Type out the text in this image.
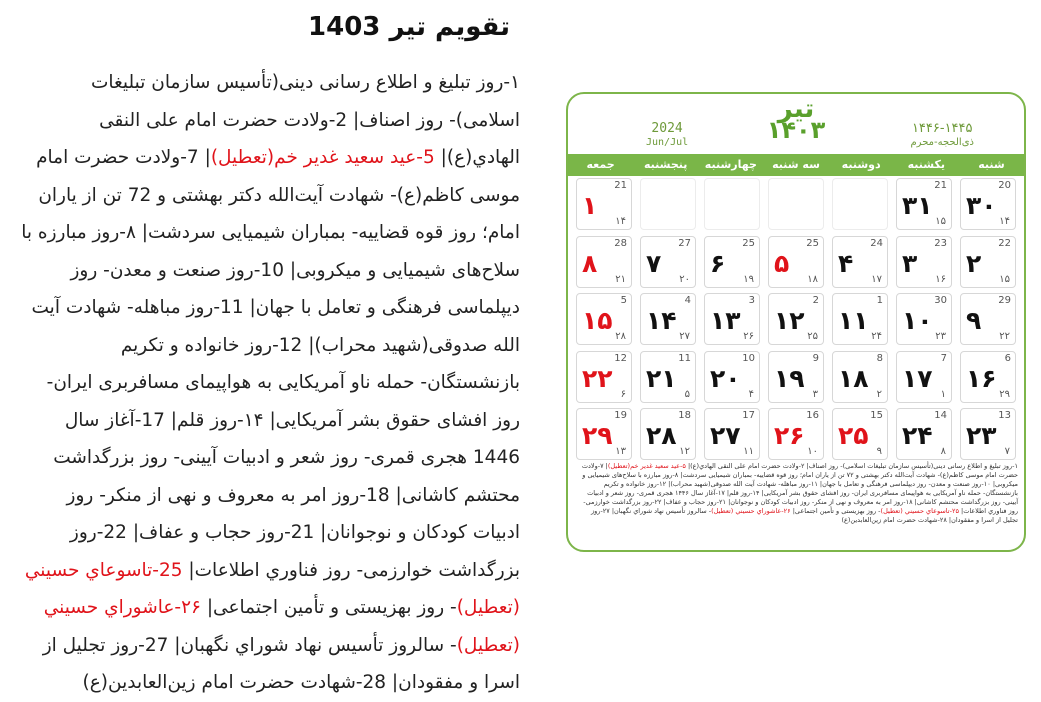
تقویم تیر 1403
۱-روز تبليغ و اطلاع رسانی دينی(تأسيس سازمان تبليغات اسلامی)- روز اصناف| 2-ولادت حضرت امام علی النقی الهادي(ع)| 5-عید سعید غدير خم(تعطیل)| 7-ولادت حضرت امام موسی کاظم(ع)- شهادت آيت‌الله دکتر بهشتی و 72 تن از ياران امام؛ روز قوه قضاييه- بمباران شيميايی سردشت| ۸-روز مبارزه با سلاح‌های شيميايی و ميکروبی| 10-روز صنعت و معدن- روز ديپلماسی فرهنگی و تعامل با جهان| 11-روز مباهله- شهادت آيت الله صدوقی(شهيد محراب)| 12-روز خانواده و تکريم بازنشستگان- حمله ناو آمريکايی به هواپيمای مسافربری ايران- روز افشای حقوق بشر آمريکايی| ۱۴-روز قلم| 17-آغاز سال 1446 هجری قمری- روز شعر و ادبيات آيينی- روز بزرگداشت محتشم کاشانی| 18-روز امر به معروف و نهی از منکر- روز ادبيات کودکان و نوجوانان| 21-روز حجاب و عفاف| 22-روز بزرگداشت خوارزمی- روز فناوري اطلاعات| 25-تاسوعاي حسيني (تعطیل)- روز بهزیستی و تأمين اجتماعی| ۲۶-عاشوراي حسيني (تعطیل)- سالروز تأسيس نهاد شوراي نگهبان| 27-روز تجليل از اسرا و مفقودان| 28-شهادت حضرت امام زين‌العابدين(ع)
تیر
۱۴۰۳
2024
Jun/Jul
۱۴۴۶-۱۴۴۵
ذی‌الحجه-محرم
شنبه
یکشنبه
دوشنبه
سه شنبه
چهارشنبه
پنجشنبه
جمعه
20
۳۰
۱۴
21
۳۱
۱۵
21
۱
۱۴
22
۲
۱۵
23
۳
۱۶
24
۴
۱۷
25
۵
۱۸
25
۶
۱۹
27
۷
۲۰
28
۸
۲۱
29
۹
۲۲
30
۱۰
۲۳
1
۱۱
۲۴
2
۱۲
۲۵
3
۱۳
۲۶
4
۱۴
۲۷
5
۱۵
۲۸
6
۱۶
۲۹
7
۱۷
۱
8
۱۸
۲
9
۱۹
۳
10
۲۰
۴
11
۲۱
۵
12
۲۲
۶
13
۲۳
۷
14
۲۴
۸
15
۲۵
۹
16
۲۶
۱۰
17
۲۷
۱۱
18
۲۸
۱۲
19
۲۹
۱۳
۱-روز تبليغ و اطلاع رسانی دينی(تأسيس سازمان تبليغات اسلامی)- روز اصناف| ۲-ولادت حضرت امام علی النقی الهادي(ع)| ۵-عید سعید غدیر خم(تعطیل)| ۷-ولادت حضرت امام موسی کاظم(ع)- شهادت آيت‌الله دکتر بهشتی و ۷۲ تن از ياران امام؛ روز قوه قضاييه- بمباران شيميايی سردشت| ۸-روز مبارزه با سلاح‌های شيميايی و ميکروبی| ۱۰-روز صنعت و معدن- روز ديپلماسی فرهنگی و تعامل با جهان| ۱۱-روز مباهله- شهادت آيت الله صدوقی(شهيد محراب)| ۱۲-روز خانواده و تکريم بازنشستگان- حمله ناو آمريکايی به هواپيمای مسافربری ايران- روز افشای حقوق بشر آمريکايی| ۱۴-روز قلم| ۱۷-آغاز سال ۱۴۴۶ هجری قمری- روز شعر و ادبيات آيينی- روز بزرگداشت محتشم کاشانی| ۱۸-روز امر به معروف و نهی از منکر- روز ادبيات کودکان و نوجوانان| ۲۱-روز حجاب و عفاف| ۲۲-روز بزرگداشت خوارزمی- روز فناوري اطلاعات| ۲۵-تاسوعاي حسيني (تعطیل)- روز بهزیستی و تأمين اجتماعی| ۲۶-عاشوراي حسيني (تعطیل)- سالروز تأسيس نهاد شوراي نگهبان| ۲۷-روز تجليل از اسرا و مفقودان| ۲۸-شهادت حضرت امام زين‌العابدين(ع)
